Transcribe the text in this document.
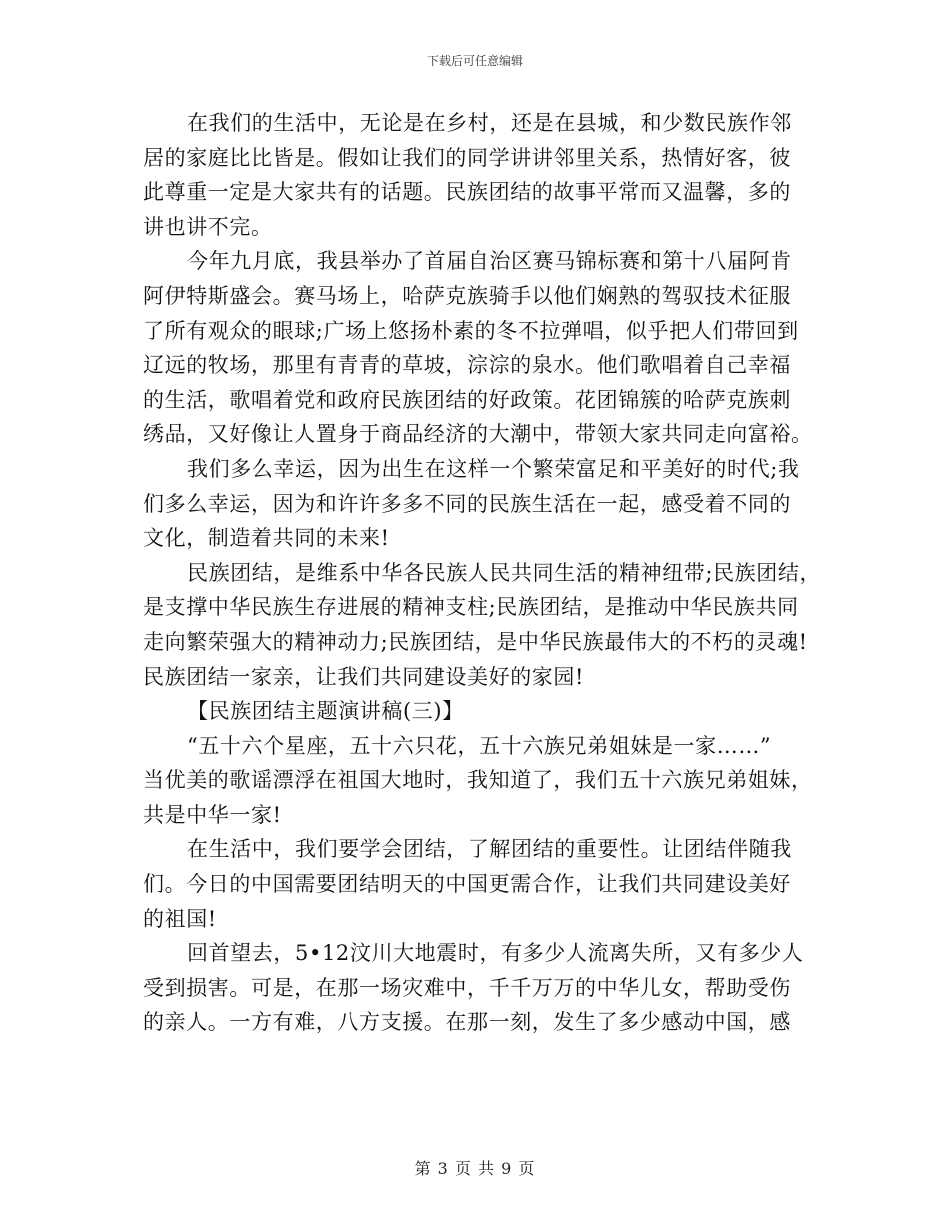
下载后可任意编辑
在我们的生活中，无论是在乡村，还是在县城，和少数民族作邻
居的家庭比比皆是。假如让我们的同学讲讲邻里关系，热情好客，彼
此尊重一定是大家共有的话题。民族团结的故事平常而又温馨，多的
讲也讲不完。
今年九月底，我县举办了首届自治区赛马锦标赛和第十八届阿肯
阿伊特斯盛会。赛马场上，哈萨克族骑手以他们娴熟的驾驭技术征服
了所有观众的眼球;广场上悠扬朴素的冬不拉弹唱，似乎把人们带回到
辽远的牧场，那里有青青的草坡，淙淙的泉水。他们歌唱着自己幸福
的生活，歌唱着党和政府民族团结的好政策。花团锦簇的哈萨克族刺
绣品，又好像让人置身于商品经济的大潮中，带领大家共同走向富裕。
我们多么幸运，因为出生在这样一个繁荣富足和平美好的时代;我
们多么幸运，因为和许许多多不同的民族生活在一起，感受着不同的
文化，制造着共同的未来!
民族团结，是维系中华各民族人民共同生活的精神纽带;民族团结，
是支撑中华民族生存进展的精神支柱;民族团结，是推动中华民族共同
走向繁荣强大的精神动力;民族团结，是中华民族最伟大的不朽的灵魂!
民族团结一家亲，让我们共同建设美好的家园!
【民族团结主题演讲稿(三)】
“五十六个星座，五十六只花，五十六族兄弟姐妹是一家……”
当优美的歌谣漂浮在祖国大地时，我知道了，我们五十六族兄弟姐妹，
共是中华一家!
在生活中，我们要学会团结，了解团结的重要性。让团结伴随我
们。今日的中国需要团结明天的中国更需合作，让我们共同建设美好
的祖国!
回首望去，5•12汶川大地震时，有多少人流离失所，又有多少人
受到损害。可是，在那一场灾难中，千千万万的中华儿女，帮助受伤
的亲人。一方有难，八方支援。在那一刻，发生了多少感动中国，感
第 3 页 共 9 页
